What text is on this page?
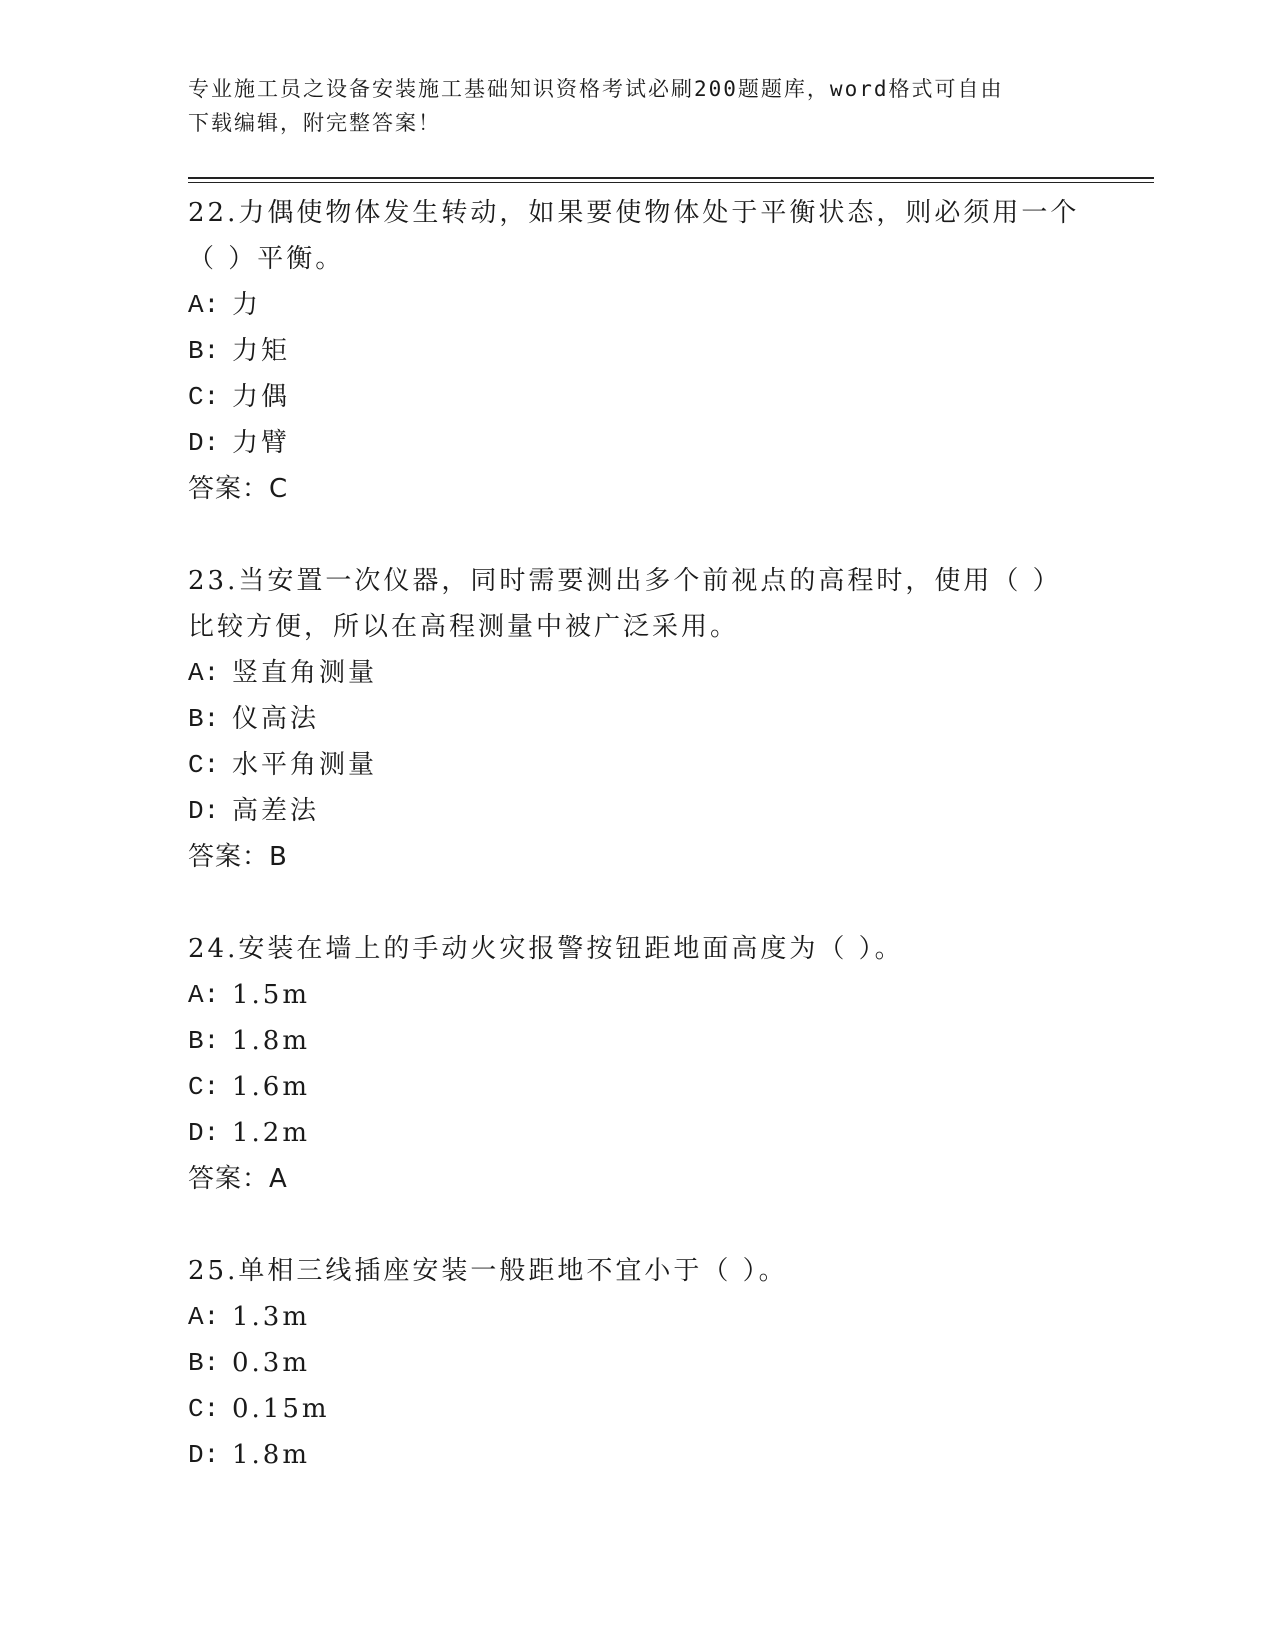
专业施工员之设备安装施工基础知识资格考试必刷200题题库，word格式可自由
下载编辑，附完整答案！

22.力偶使物体发生转动，如果要使物体处于平衡状态，则必须用一个

（ ）平衡。

A: 力

B: 力矩

C: 力偶

D: 力臂

答案：C

23.当安置一次仪器，同时需要测出多个前视点的高程时，使用（ ）

比较方便，所以在高程测量中被广泛采用。

A: 竖直角测量

B: 仪高法

C: 水平角测量

D: 高差法

答案：B

24.安装在墙上的手动火灾报警按钮距地面高度为（ ）。

A: 1.5m

B: 1.8m

C: 1.6m

D: 1.2m

答案：A

25.单相三线插座安装一般距地不宜小于（ ）。

A: 1.3m

B: 0.3m

C: 0.15m

D: 1.8m
